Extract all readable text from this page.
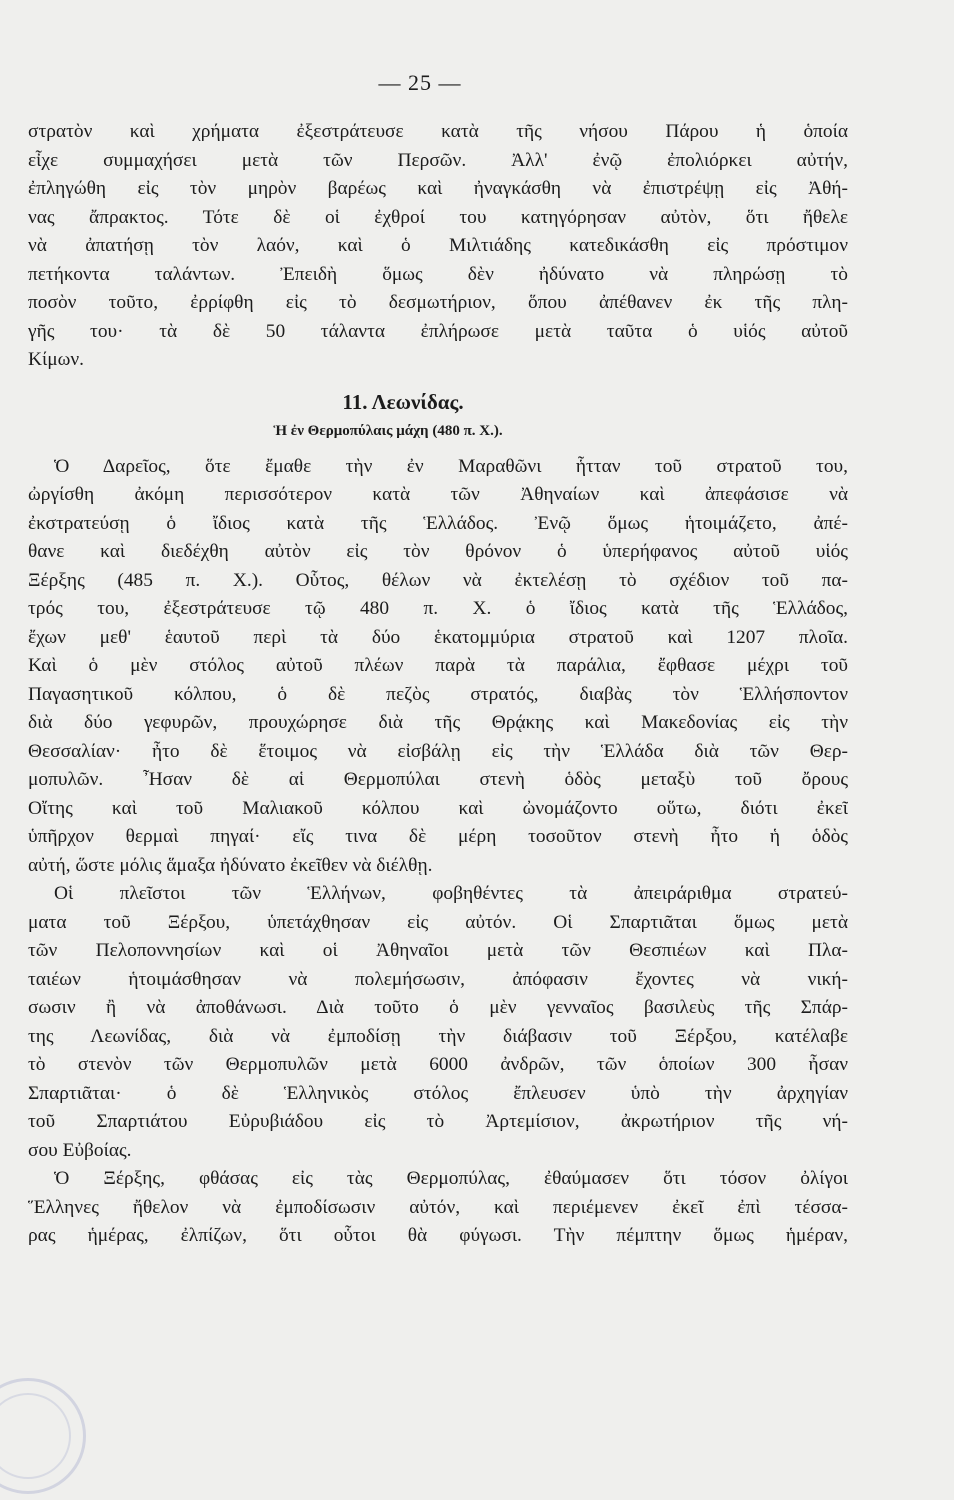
— 25 —
στρατὸν καὶ χρήματα ἐξεστράτευσε κατὰ τῆς νήσου Πάρου ἡ ὁποία
εἶχε συμμαχήσει μετὰ τῶν Περσῶν. Ἀλλ' ἐνῷ ἐπολιόρκει αὐτήν,
ἐπληγώθη εἰς τὸν μηρὸν βαρέως καὶ ἠναγκάσθη νὰ ἐπιστρέψῃ εἰς Ἀθή-
νας ἄπρακτος. Τότε δὲ οἱ ἐχθροί του κατηγόρησαν αὐτὸν, ὅτι ἤθελε
νὰ ἀπατήσῃ τὸν λαόν, καὶ ὁ Μιλτιάδης κατεδικάσθη εἰς πρόστιμον
πετήκοντα ταλάντων. Ἐπειδὴ ὅμως δὲν ἠδύνατο νὰ πληρώσῃ τὸ
ποσὸν τοῦτο, ἐρρίφθη εἰς τὸ δεσμωτήριον, ὅπου ἀπέθανεν ἐκ τῆς πλη-
γῆς του· τὰ δὲ 50 τάλαντα ἐπλήρωσε μετὰ ταῦτα ὁ υἱός αὐτοῦ
Κίμων.
11. Λεωνίδας.
Ἡ ἐν Θερμοπύλαις μάχη (480 π. Χ.).
Ὁ Δαρεῖος, ὅτε ἔμαθε τὴν ἐν Μαραθῶνι ἧτταν τοῦ στρατοῦ του,
ὠργίσθη ἀκόμη περισσότερον κατὰ τῶν Ἀθηναίων καὶ ἀπεφάσισε νὰ
ἐκστρατεύσῃ ὁ ἴδιος κατὰ τῆς Ἑλλάδος. Ἐνῷ ὅμως ἡτοιμάζετο, ἀπέ-
θανε καὶ διεδέχθη αὐτὸν εἰς τὸν θρόνον ὁ ὑπερήφανος αὐτοῦ υἱός
Ξέρξης (485 π. Χ.). Οὗτος, θέλων νὰ ἐκτελέσῃ τὸ σχέδιον τοῦ πα-
τρός του, ἐξεστράτευσε τῷ 480 π. Χ. ὁ ἴδιος κατὰ τῆς Ἑλλάδος,
ἔχων μεθ' ἑαυτοῦ περὶ τὰ δύο ἑκατομμύρια στρατοῦ καὶ 1207 πλοῖα.
Καὶ ὁ μὲν στόλος αὐτοῦ πλέων παρὰ τὰ παράλια, ἔφθασε μέχρι τοῦ
Παγασητικοῦ κόλπου, ὁ δὲ πεζὸς στρατός, διαβὰς τὸν Ἑλλήσποντον
διὰ δύο γεφυρῶν, προυχώρησε διὰ τῆς Θρᾴκης καὶ Μακεδονίας εἰς τὴν
Θεσσαλίαν· ἦτο δὲ ἕτοιμος νὰ εἰσβάλῃ εἰς τὴν Ἑλλάδα διὰ τῶν Θερ-
μοπυλῶν. Ἦσαν δὲ αἱ Θερμοπύλαι στενὴ ὁδὸς μεταξὺ τοῦ ὄρους
Οἴτης καὶ τοῦ Μαλιακοῦ κόλπου καὶ ὠνομάζοντο οὕτω, διότι ἐκεῖ
ὑπῆρχον θερμαὶ πηγαί· εἴς τινα δὲ μέρη τοσοῦτον στενὴ ἦτο ἡ ὁδὸς
αὐτή, ὥστε μόλις ἅμαξα ἠδύνατο ἐκεῖθεν νὰ διέλθῃ.
Οἱ πλεῖστοι τῶν Ἑλλήνων, φοβηθέντες τὰ ἀπειράριθμα στρατεύ-
ματα τοῦ Ξέρξου, ὑπετάχθησαν εἰς αὐτόν. Οἱ Σπαρτιᾶται ὅμως μετὰ
τῶν Πελοποννησίων καὶ οἱ Ἀθηναῖοι μετὰ τῶν Θεσπιέων καὶ Πλα-
ταιέων ἡτοιμάσθησαν νὰ πολεμήσωσιν, ἀπόφασιν ἔχοντες νὰ νική-
σωσιν ἢ νὰ ἀποθάνωσι. Διὰ τοῦτο ὁ μὲν γενναῖος βασιλεὺς τῆς Σπάρ-
της Λεωνίδας, διὰ νὰ ἐμποδίσῃ τὴν διάβασιν τοῦ Ξέρξου, κατέλαβε
τὸ στενὸν τῶν Θερμοπυλῶν μετὰ 6000 ἀνδρῶν, τῶν ὁποίων 300 ἦσαν
Σπαρτιᾶται· ὁ δὲ Ἑλληνικὸς στόλος ἔπλευσεν ὑπὸ τὴν ἀρχηγίαν
τοῦ Σπαρτιάτου Εὐρυβιάδου εἰς τὸ Ἀρτεμίσιον, ἀκρωτήριον τῆς νή-
σου Εὐβοίας.
Ὁ Ξέρξης, φθάσας εἰς τὰς Θερμοπύλας, ἐθαύμασεν ὅτι τόσον ὀλίγοι
Ἕλληνες ἤθελον νὰ ἐμποδίσωσιν αὐτόν, καὶ περιέμενεν ἐκεῖ ἐπὶ τέσσα-
ρας ἡμέρας, ἐλπίζων, ὅτι οὗτοι θὰ φύγωσι. Τὴν πέμπτην ὅμως ἡμέραν,
